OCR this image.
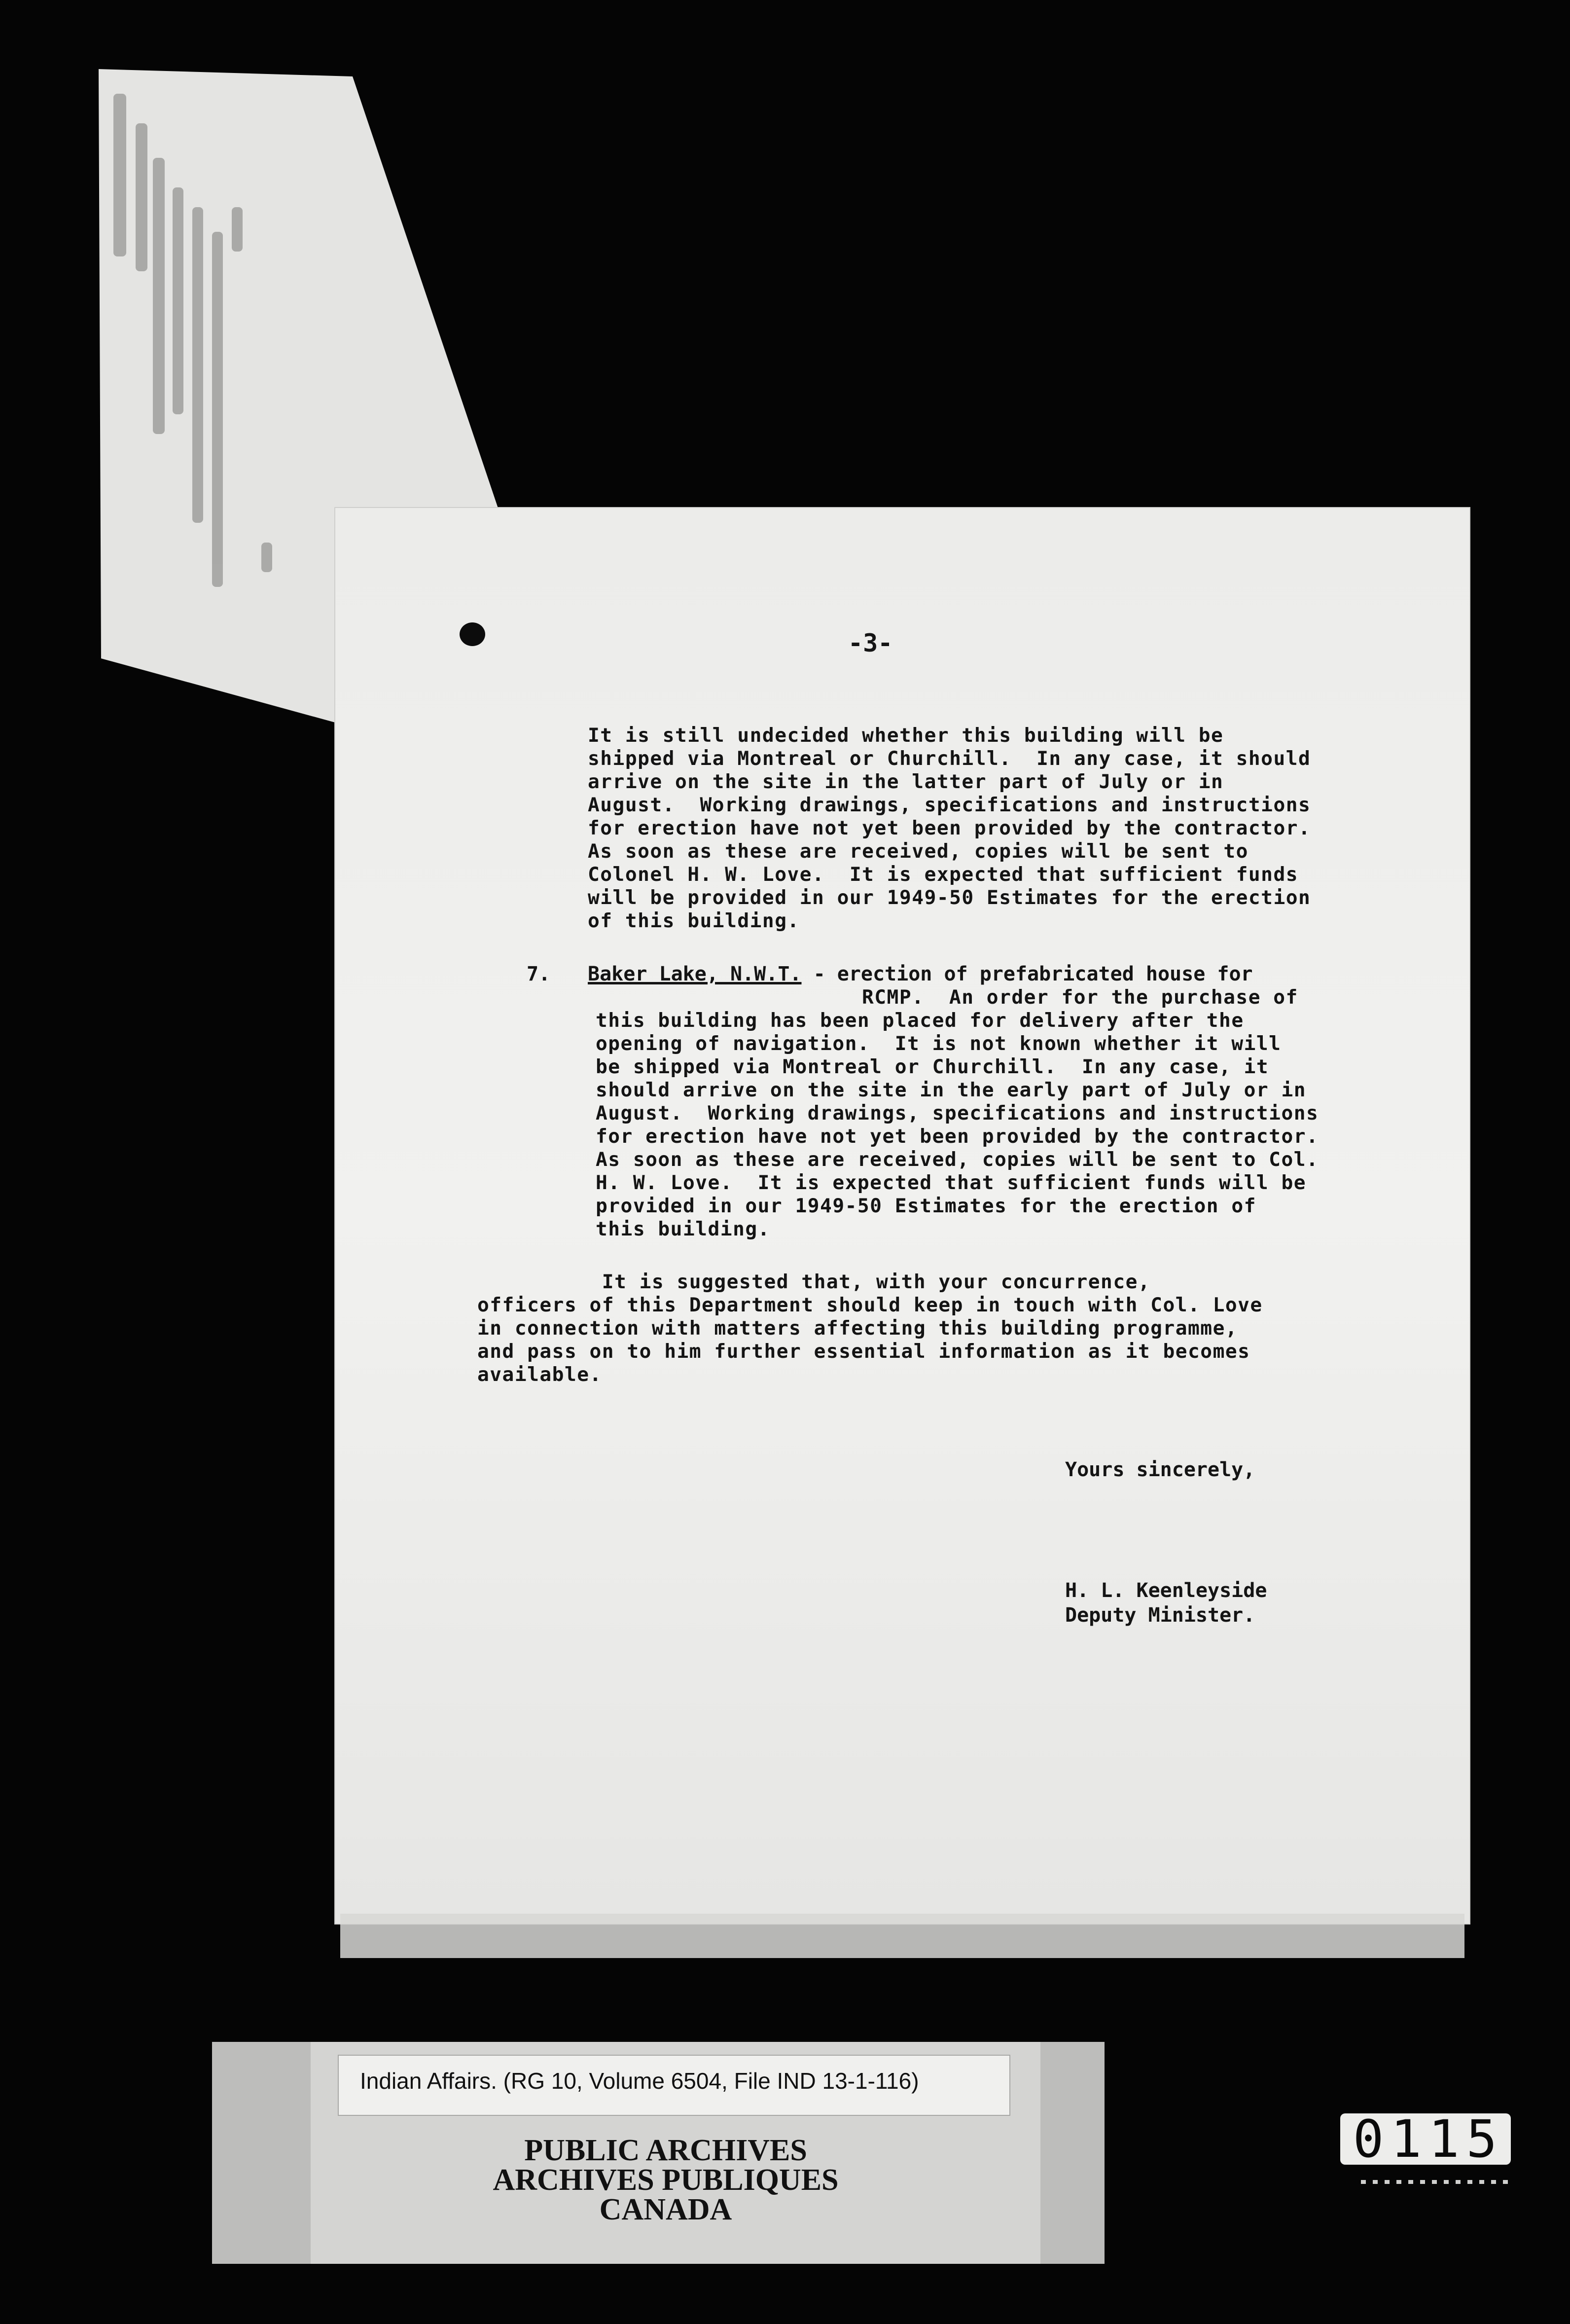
-3-

It is still undecided whether this building will be

shipped via Montreal or Churchill.  In any case, it should

arrive on the site in the latter part of July or in

August.  Working drawings, specifications and instructions

for erection have not yet been provided by the contractor.

As soon as these are received, copies will be sent to

Colonel H. W. Love.  It is expected that sufficient funds

will be provided in our 1949-50 Estimates for the erection

of this building.

7. Baker Lake, N.W.T. - erection of prefabricated house for

RCMP.  An order for the purchase of

this building has been placed for delivery after the

opening of navigation.  It is not known whether it will

be shipped via Montreal or Churchill.  In any case, it

should arrive on the site in the early part of July or in

August.  Working drawings, specifications and instructions

for erection have not yet been provided by the contractor.

As soon as these are received, copies will be sent to Col.

H. W. Love.  It is expected that sufficient funds will be

provided in our 1949-50 Estimates for the erection of

this building.

It is suggested that, with your concurrence,

officers of this Department should keep in touch with Col. Love

in connection with matters affecting this building programme,

and pass on to him further essential information as it becomes

available.

Yours sincerely,
H. L. Keenleyside
Deputy Minister.
Indian Affairs. (RG 10, Volume 6504, File IND 13-1-116)
PUBLIC ARCHIVES
ARCHIVES PUBLIQUES
CANADA
0115
